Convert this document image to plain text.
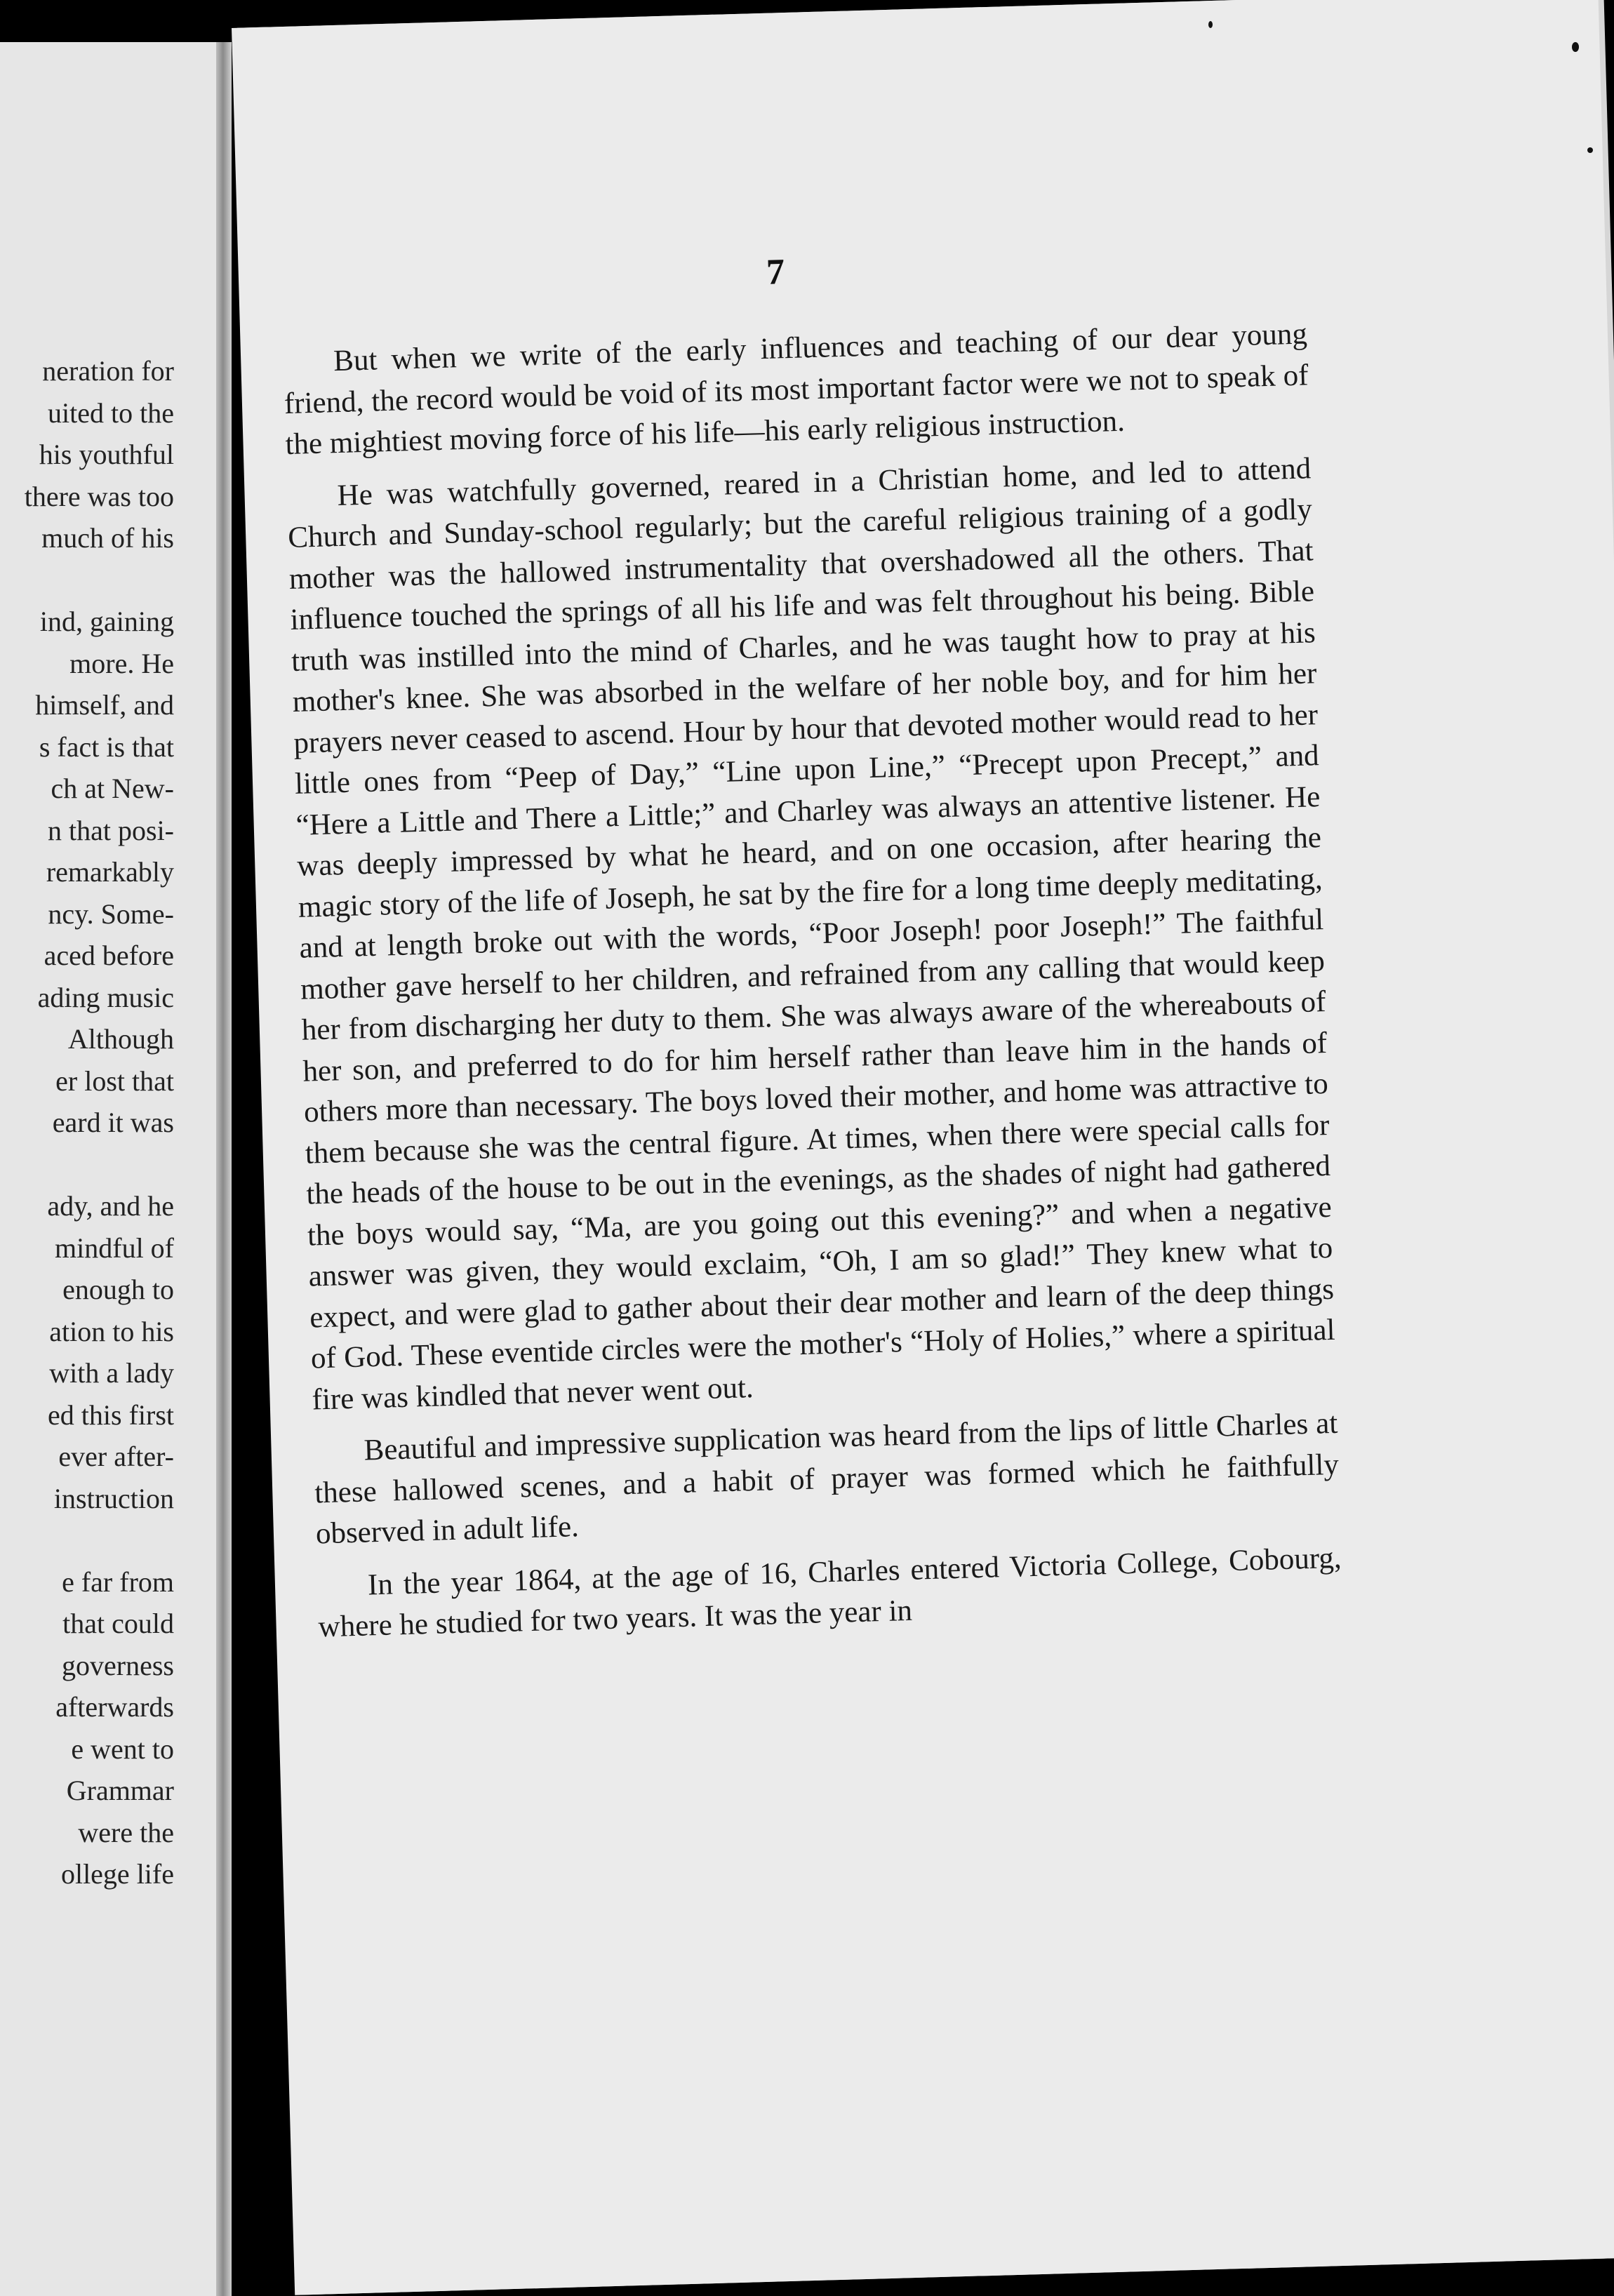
neration for
uited to the
his youthful
there was too
much of his
ind, gaining
more. He
himself, and
s fact is that
ch at New-
n that posi-
remarkably
ncy. Some-
aced before
ading music
Although
er lost that
eard it was
ady, and he
mindful of
enough to
ation to his
with a lady
ed this first
ever after-
instruction
e far from
that could
governess
afterwards
e went to
Grammar
were the
ollege life
7

But when we write of the early influences and teaching of our dear young friend, the record would be void of its most important factor were we not to speak of the mightiest moving force of his life—his early religious instruction.

He was watchfully governed, reared in a Christian home, and led to attend Church and Sunday-school regularly; but the careful religious training of a godly mother was the hallowed instrumentality that overshadowed all the others. That influence touched the springs of all his life and was felt throughout his being. Bible truth was instilled into the mind of Charles, and he was taught how to pray at his mother's knee. She was absorbed in the welfare of her noble boy, and for him her prayers never ceased to ascend. Hour by hour that devoted mother would read to her little ones from “Peep of Day,” “Line upon Line,” “Precept upon Precept,” and “Here a Little and There a Little;” and Charley was always an attentive listener. He was deeply impressed by what he heard, and on one occasion, after hearing the magic story of the life of Joseph, he sat by the fire for a long time deeply meditating, and at length broke out with the words, “Poor Joseph! poor Joseph!” The faithful mother gave herself to her children, and refrained from any calling that would keep her from discharging her duty to them. She was always aware of the whereabouts of her son, and preferred to do for him herself rather than leave him in the hands of others more than necessary. The boys loved their mother, and home was attractive to them because she was the central figure. At times, when there were special calls for the heads of the house to be out in the evenings, as the shades of night had gathered the boys would say, “Ma, are you going out this evening?” and when a negative answer was given, they would exclaim, “Oh, I am so glad!” They knew what to expect, and were glad to gather about their dear mother and learn of the deep things of God. These eventide circles were the mother's “Holy of Holies,” where a spiritual fire was kindled that never went out.

Beautiful and impressive supplication was heard from the lips of little Charles at these hallowed scenes, and a habit of prayer was formed which he faithfully observed in adult life.

In the year 1864, at the age of 16, Charles entered Victoria College, Cobourg, where he studied for two years. It was the year in
